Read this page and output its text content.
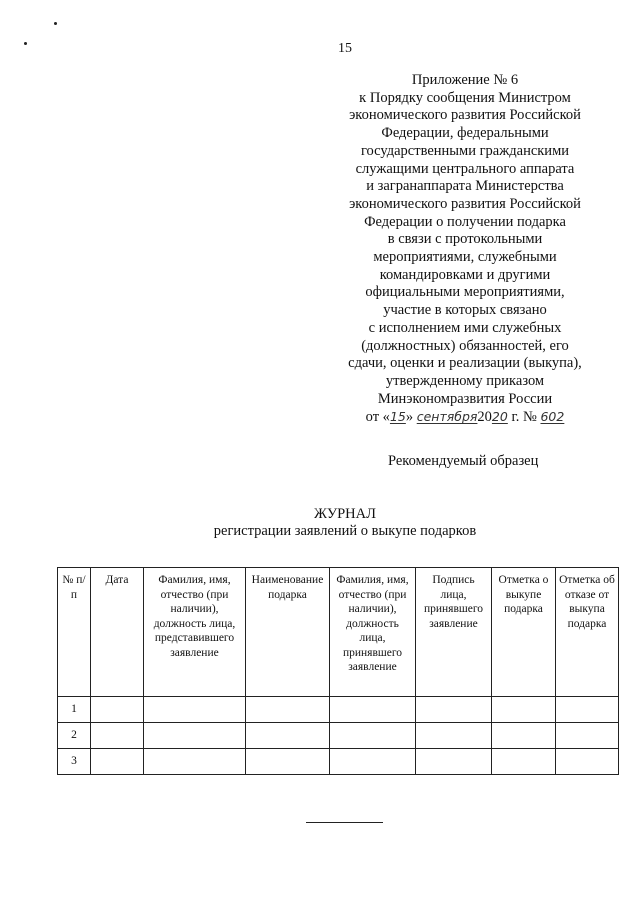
15
Приложение № 6
к Порядку сообщения Министром
экономического развития Российской
Федерации, федеральными
государственными гражданскими
служащими центрального аппарата
и загранаппарата Министерства
экономического развития Российской
Федерации о получении подарка
в связи с протокольными
мероприятиями, служебными
командировками и другими
официальными мероприятиями,
участие в которых связано
с исполнением ими служебных
(должностных) обязанностей, его
сдачи, оценки и реализации (выкупа),
утвержденному приказом
Минэкономразвития России
от «15» сентября2020 г. № 602
Рекомендуемый образец
ЖУРНАЛ
регистрации заявлений о выкупе подарков
№ п/п	Дата	Фамилия, имя, отчество (при наличии), должность лица, представившего заявление	Наименование подарка	Фамилия, имя, отчество (при наличии), должность лица, принявшего заявление	Подпись лица, принявшего заявление	Отметка о выкупе подарка	Отметка об отказе от выкупа подарка
1							
2							
3							
